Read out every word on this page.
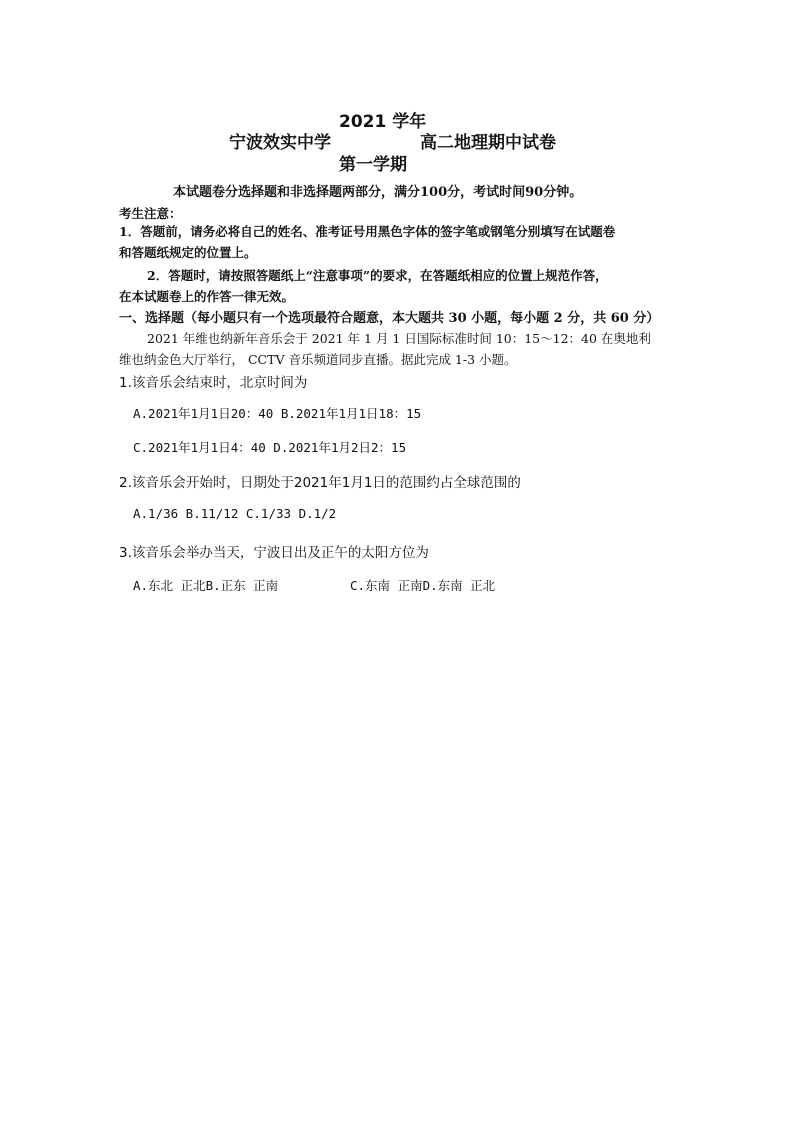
2021 学年
宁波效实中学	高二地理期中试卷
第一学期
本试题卷分选择题和非选择题两部分，满分100分，考试时间90分钟。
考生注意：
1．答题前，请务必将自己的姓名、准考证号用黑色字体的签字笔或钢笔分别填写在试题卷
和答题纸规定的位置上。
2．答题时，请按照答题纸上“注意事项”的要求，在答题纸相应的位置上规范作答，
在本试题卷上的作答一律无效。
一、选择题（每小题只有一个选项最符合题意，本大题共 30 小题，每小题 2 分，共 60 分）
2021 年维也纳新年音乐会于 2021 年 1 月 1 日国际标准时间 10：15～12：40 在奥地利
维也纳金色大厅举行， CCTV 音乐频道同步直播。据此完成 1-3 小题。
1.该音乐会结束时，北京时间为
A.2021年1月1日20：40 B.2021年1月1日18：15
C.2021年1月1日4：40 D.2021年1月2日2：15
2.该音乐会开始时，日期处于2021年1月1日的范围约占全球范围的
A.1/36 B.11/12 C.1/33 D.1/2
3.该音乐会举办当天，宁波日出及正午的太阳方位为
A.东北 正北B.正东 正南	C.东南 正南D.东南 正北
